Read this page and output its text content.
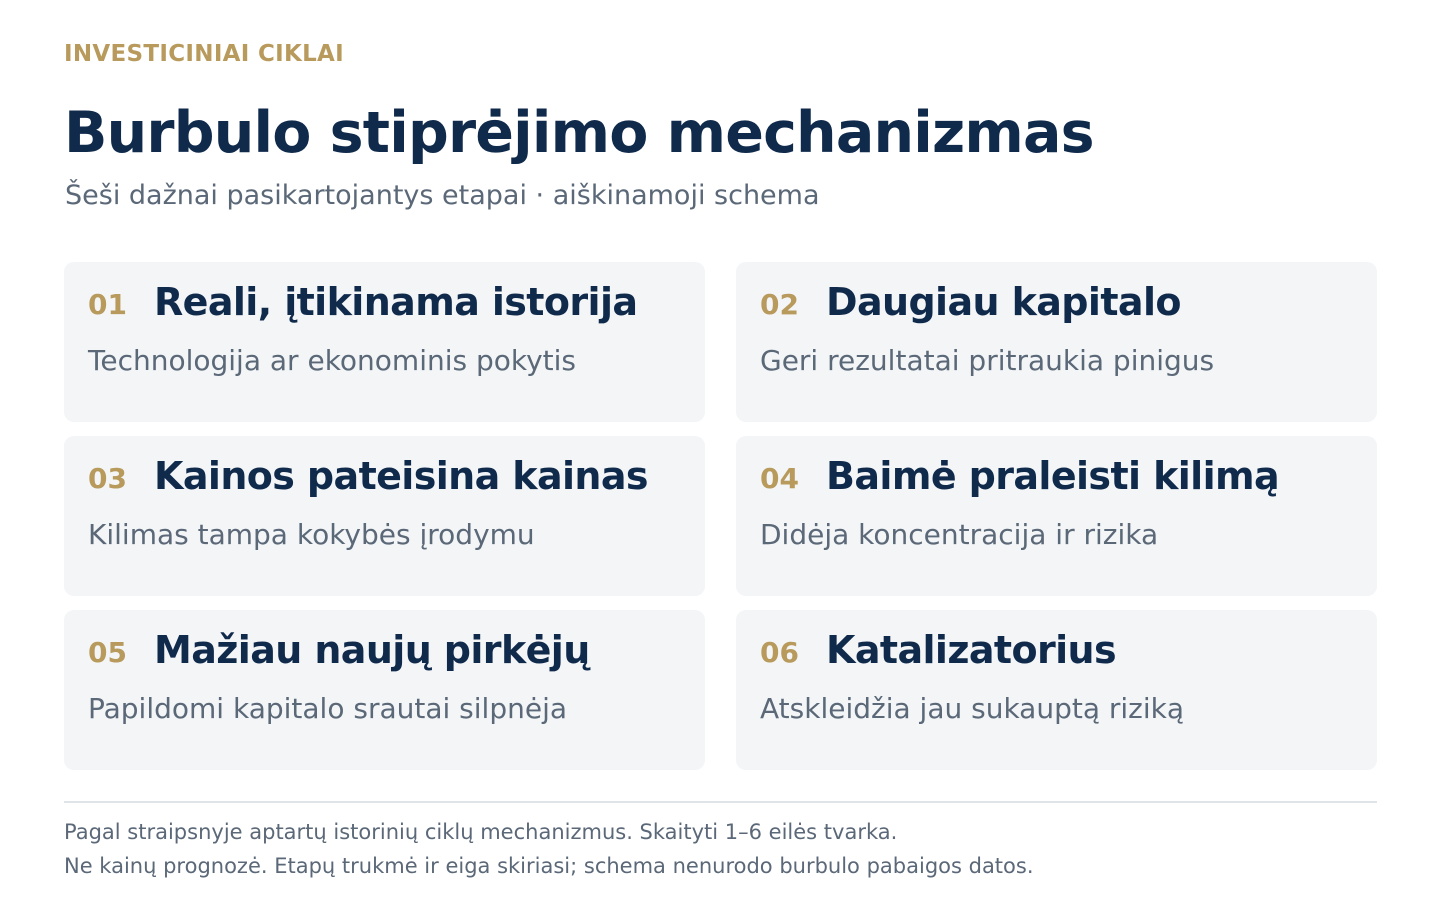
INVESTICINIAI CIKLAI
Burbulo stiprėjimo mechanizmas
Šeši dažnai pasikartojantys etapai · aiškinamoji schema
01 Reali, įtikinama istorija
Technologija ar ekonominis pokytis
02 Daugiau kapitalo
Geri rezultatai pritraukia pinigus
03 Kainos pateisina kainas
Kilimas tampa kokybės įrodymu
04 Baimė praleisti kilimą
Didėja koncentracija ir rizika
05 Mažiau naujų pirkėjų
Papildomi kapitalo srautai silpnėja
06 Katalizatorius
Atskleidžia jau sukauptą riziką
Pagal straipsnyje aptartų istorinių ciklų mechanizmus. Skaityti 1–6 eilės tvarka.
Ne kainų prognozė. Etapų trukmė ir eiga skiriasi; schema nenurodo burbulo pabaigos datos.
